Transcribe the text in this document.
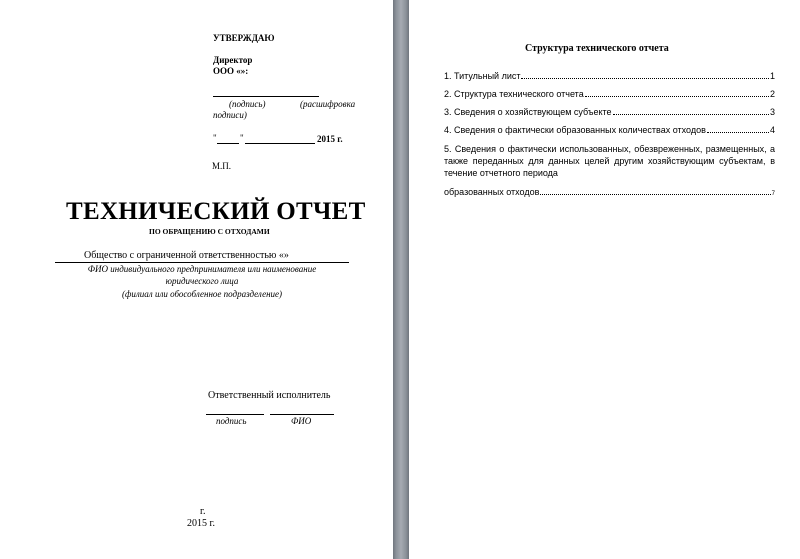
УТВЕРЖДАЮ
Директор
ООО «»:
(подпись)	(расшифровка
подписи)
"	"	2015 г.
М.П.
ТЕХНИЧЕСКИЙ ОТЧЕТ
ПО ОБРАЩЕНИЮ С ОТХОДАМИ
Общество с ограниченной ответственностью «»
ФИО индивидуального предпринимателя или наименование
юридического лица
(филиал или обособленное подразделение)
Ответственный исполнитель
подпись	ФИО
г.
2015 г.
Структура технического отчета
1. Титульный лист	1
2. Структура технического отчета	2
3. Сведения о хозяйствующем субъекте	3
4. Сведения о фактически образованных количествах отходов	4
5. Сведения о фактически использованных, обезвреженных, размещенных, а также переданных для данных целей другим хозяйствующим субъектам, в течение отчетного периода
образованных отходов	7
